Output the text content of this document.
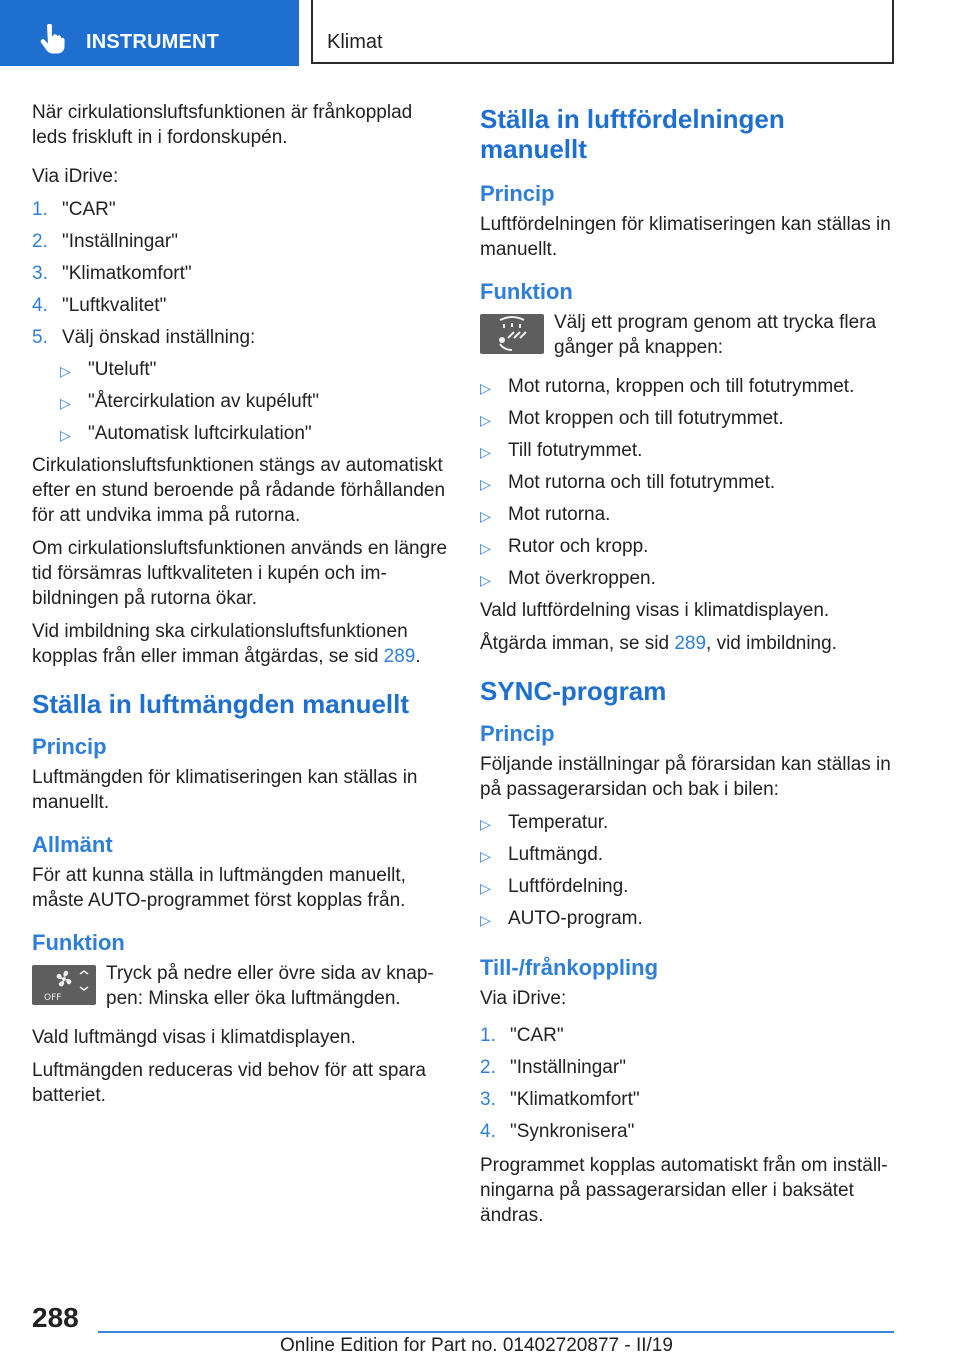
INSTRUMENT	Klimat

När cirkulationsluftsfunktionen är frånkopplad leds friskluft in i fordonskupén.

Via iDrive:

1. "CAR"
2. "Inställningar"
3. "Klimatkomfort"
4. "Luftkvalitet"
5. Välj önskad inställning:
▷ "Uteluft"
▷ "Återcirkulation av kupéluft"
▷ "Automatisk luftcirkulation"

Cirkulationsluftsfunktionen stängs av automatiskt efter en stund beroende på rådande förhållanden för att undvika imma på rutorna.

Om cirkulationsluftsfunktionen används en längre tid försämras luftkvaliteten i kupén och imbildningen på rutorna ökar.

Vid imbildning ska cirkulationsluftsfunktionen kopplas från eller imman åtgärdas, se sid 289.

Ställa in luftmängden manuellt
Princip

Luftmängden för klimatiseringen kan ställas in manuellt.

Allmänt

För att kunna ställa in luftmängden manuellt, måste AUTO-programmet först kopplas från.

Funktion
OFF
Tryck på nedre eller övre sida av knappen: Minska eller öka luftmängden.

Vald luftmängd visas i klimatdisplayen.

Luftmängden reduceras vid behov för att spara batteriet.

Ställa in luftfördelningen manuellt
Princip

Luftfördelningen för klimatiseringen kan ställas in manuellt.

Funktion
Välj ett program genom att trycka flera gånger på knappen:
▷ Mot rutorna, kroppen och till fotutrymmet.
▷ Mot kroppen och till fotutrymmet.
▷ Till fotutrymmet.
▷ Mot rutorna och till fotutrymmet.
▷ Mot rutorna.
▷ Rutor och kropp.
▷ Mot överkroppen.

Vald luftfördelning visas i klimatdisplayen.

Åtgärda imman, se sid 289, vid imbildning.

SYNC-program
Princip

Följande inställningar på förarsidan kan ställas in på passagerarsidan och bak i bilen:

▷ Temperatur.
▷ Luftmängd.
▷ Luftfördelning.
▷ AUTO-program.
Till-/frånkoppling

Via iDrive:

1. "CAR"
2. "Inställningar"
3. "Klimatkomfort"
4. "Synkronisera"

Programmet kopplas automatiskt från om inställningarna på passagerarsidan eller i baksätet ändras.

288
Online Edition for Part no. 01402720877 - II/19
